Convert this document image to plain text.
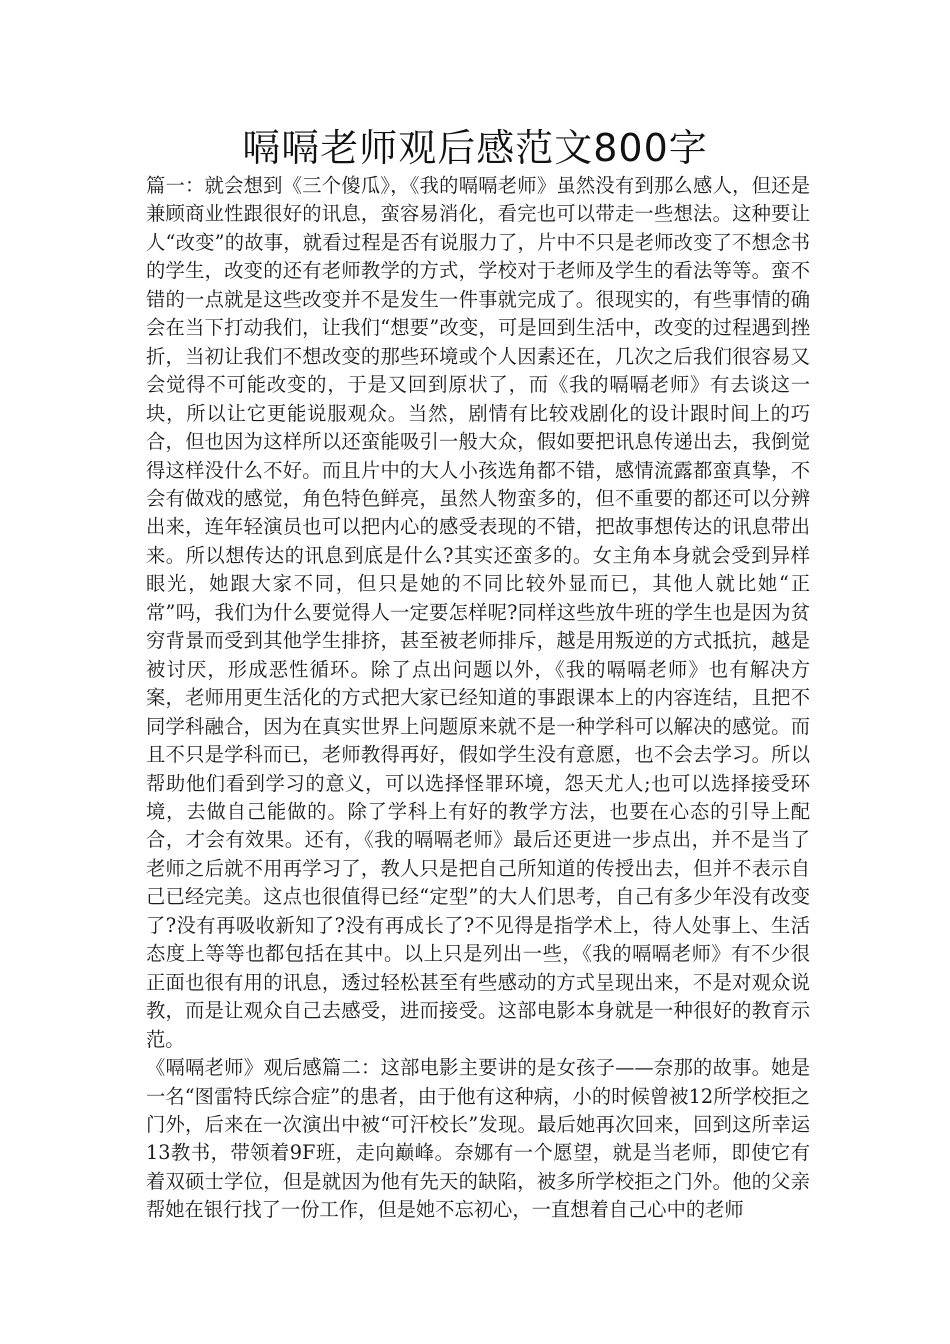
嗝嗝老师观后感范文800字

篇一：就会想到《三个傻瓜》，《我的嗝嗝老师》虽然没有到那么感人，但还是兼顾商业性跟很好的讯息，蛮容易消化，看完也可以带走一些想法。这种要让人“改变”的故事，就看过程是否有说服力了，片中不只是老师改变了不想念书的学生，改变的还有老师教学的方式，学校对于老师及学生的看法等等。蛮不错的一点就是这些改变并不是发生一件事就完成了。很现实的，有些事情的确会在当下打动我们，让我们“想要”改变，可是回到生活中，改变的过程遇到挫折，当初让我们不想改变的那些环境或个人因素还在，几次之后我们很容易又会觉得不可能改变的，于是又回到原状了，而《我的嗝嗝老师》有去谈这一块，所以让它更能说服观众。当然，剧情有比较戏剧化的设计跟时间上的巧合，但也因为这样所以还蛮能吸引一般大众，假如要把讯息传递出去，我倒觉得这样没什么不好。而且片中的大人小孩选角都不错，感情流露都蛮真挚，不会有做戏的感觉，角色特色鲜亮，虽然人物蛮多的，但不重要的都还可以分辨出来，连年轻演员也可以把内心的感受表现的不错，把故事想传达的讯息带出来。所以想传达的讯息到底是什么?其实还蛮多的。女主角本身就会受到异样眼光，她跟大家不同，但只是她的不同比较外显而已，其他人就比她“正常”吗，我们为什么要觉得人一定要怎样呢?同样这些放牛班的学生也是因为贫穷背景而受到其他学生排挤，甚至被老师排斥，越是用叛逆的方式抵抗，越是被讨厌，形成恶性循环。除了点出问题以外，《我的嗝嗝老师》也有解决方案，老师用更生活化的方式把大家已经知道的事跟课本上的内容连结，且把不同学科融合，因为在真实世界上问题原来就不是一种学科可以解决的感觉。而且不只是学科而已，老师教得再好，假如学生没有意愿，也不会去学习。所以帮助他们看到学习的意义，可以选择怪罪环境，怨天尤人;也可以选择接受环境，去做自己能做的。除了学科上有好的教学方法，也要在心态的引导上配合，才会有效果。还有，《我的嗝嗝老师》最后还更进一步点出，并不是当了老师之后就不用再学习了，教人只是把自己所知道的传授出去，但并不表示自己已经完美。这点也很值得已经“定型”的大人们思考，自己有多少年没有改变了?没有再吸收新知了?没有再成长了?不见得是指学术上，待人处事上、生活态度上等等也都包括在其中。以上只是列出一些，《我的嗝嗝老师》有不少很正面也很有用的讯息，透过轻松甚至有些感动的方式呈现出来，不是对观众说教，而是让观众自己去感受，进而接受。这部电影本身就是一种很好的教育示范。

《嗝嗝老师》观后感篇二：这部电影主要讲的是女孩子——奈那的故事。她是一名“图雷特氏综合症”的患者，由于他有这种病，小的时候曾被12所学校拒之门外，后来在一次演出中被“可汗校长”发现。最后她再次回来，回到这所幸运13教书，带领着9F班，走向巅峰。奈娜有一个愿望，就是当老师，即使它有着双硕士学位，但是就因为他有先天的缺陷，被多所学校拒之门外。他的父亲帮她在银行找了一份工作，但是她不忘初心，一直想着自己心中的老师
